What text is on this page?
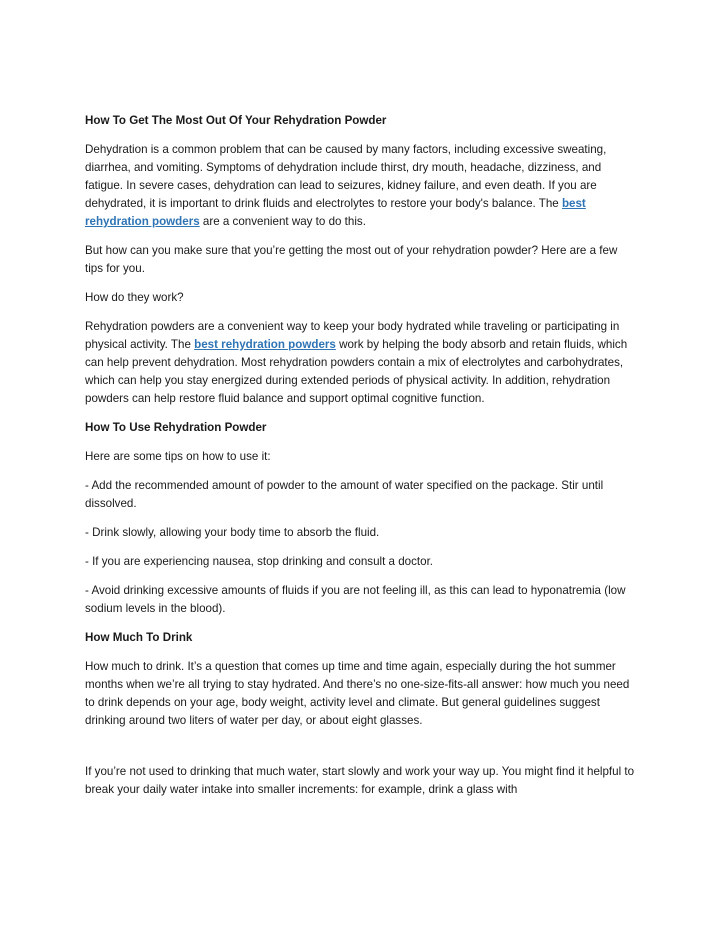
How To Get The Most Out Of Your Rehydration Powder

Dehydration is a common problem that can be caused by many factors, including excessive sweating, diarrhea, and vomiting. Symptoms of dehydration include thirst, dry mouth, headache, dizziness, and fatigue. In severe cases, dehydration can lead to seizures, kidney failure, and even death. If you are dehydrated, it is important to drink fluids and electrolytes to restore your body's balance. The best rehydration powders are a convenient way to do this.

But how can you make sure that you’re getting the most out of your rehydration powder? Here are a few tips for you.

How do they work?

Rehydration powders are a convenient way to keep your body hydrated while traveling or participating in physical activity. The best rehydration powders work by helping the body absorb and retain fluids, which can help prevent dehydration. Most rehydration powders contain a mix of electrolytes and carbohydrates, which can help you stay energized during extended periods of physical activity. In addition, rehydration powders can help restore fluid balance and support optimal cognitive function.

How To Use Rehydration Powder

Here are some tips on how to use it:

- Add the recommended amount of powder to the amount of water specified on the package. Stir until dissolved.

- Drink slowly, allowing your body time to absorb the fluid.

- If you are experiencing nausea, stop drinking and consult a doctor.

- Avoid drinking excessive amounts of fluids if you are not feeling ill, as this can lead to hyponatremia (low sodium levels in the blood).

How Much To Drink

How much to drink. It’s a question that comes up time and time again, especially during the hot summer months when we’re all trying to stay hydrated. And there’s no one-size-fits-all answer: how much you need to drink depends on your age, body weight, activity level and climate. But general guidelines suggest drinking around two liters of water per day, or about eight glasses.

If you’re not used to drinking that much water, start slowly and work your way up. You might find it helpful to break your daily water intake into smaller increments: for example, drink a glass with
